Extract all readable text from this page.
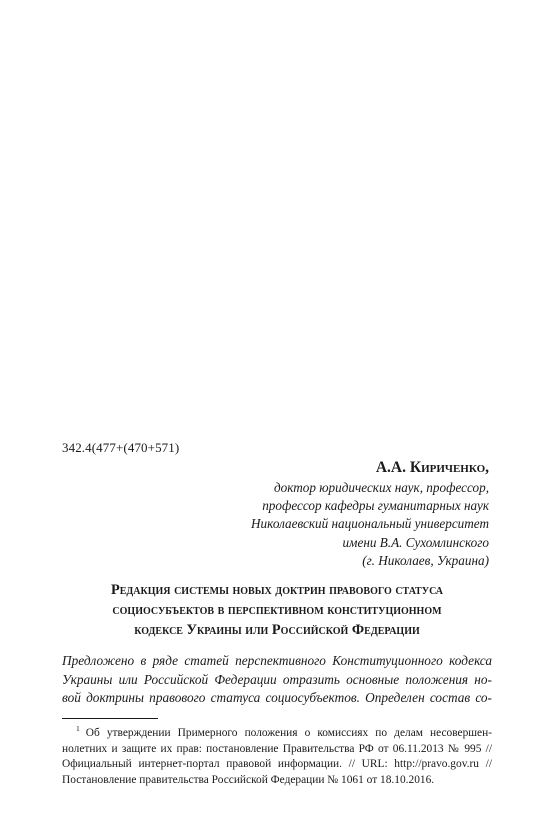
342.4(477+(470+571)
А.А. Кириченко,
доктор юридических наук, профессор,
профессор кафедры гуманитарных наук
Николаевский национальный университет
имени В.А. Сухомлинского
(г. Николаев, Украина)
Редакция системы новых доктрин правового статуса
социосубъектов в перспективном конституционном
кодексе Украины или Российской Федерации
Предложено в ряде статей перспективного Конституционного кодекса
Украины или Российской Федерации отразить основные положения но-
вой доктрины правового статуса социосубъектов. Определен состав со-
$^1$ Об утверждении Примерного положения о комиссиях по делам несовершен-
нолетних и защите их прав: постановление Правительства РФ от 06.11.2013 № 995 //
Официальный интернет-портал правовой информации. // URL: http://pravo.gov.ru //
Постановление правительства Российской Федерации № 1061 от 18.10.2016.
